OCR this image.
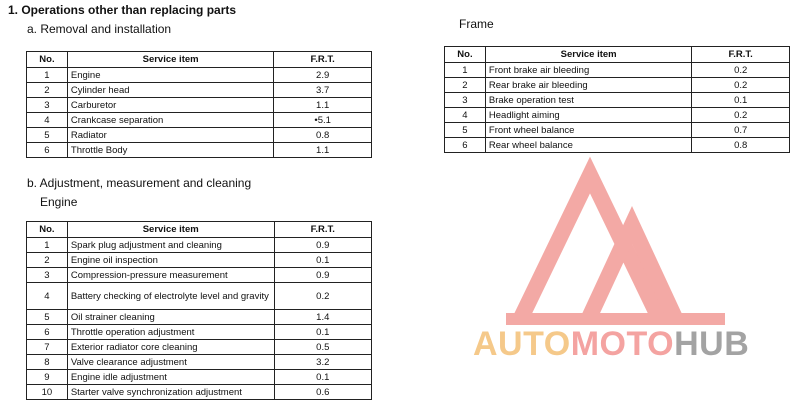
1. Operations other than replacing parts
a. Removal and installation	Frame
b. Adjustment, measurement and cleaning
Engine
No.	Service item	F.R.T.
1	Engine	2.9
2	Cylinder head	3.7
3	Carburetor	1.1
4	Crankcase separation	•5.1
5	Radiator	0.8
6	Throttle Body	1.1
No.	Service item	F.R.T.
1	Front brake air bleeding	0.2
2	Rear brake air bleeding	0.2
3	Brake operation test	0.1
4	Headlight aiming	0.2
5	Front wheel balance	0.7
6	Rear wheel balance	0.8
No.	Service item	F.R.T.
1	Spark plug adjustment and cleaning	0.9
2	Engine oil inspection	0.1
3	Compression-pressure measurement	0.9
4	Battery checking of electrolyte level and gravity	0.2
5	Oil strainer cleaning	1.4
6	Throttle operation adjustment	0.1
7	Exterior radiator core cleaning	0.5
8	Valve clearance adjustment	3.2
9	Engine idle adjustment	0.1
10	Starter valve synchronization adjustment	0.6
AUTOMOTOHUB
